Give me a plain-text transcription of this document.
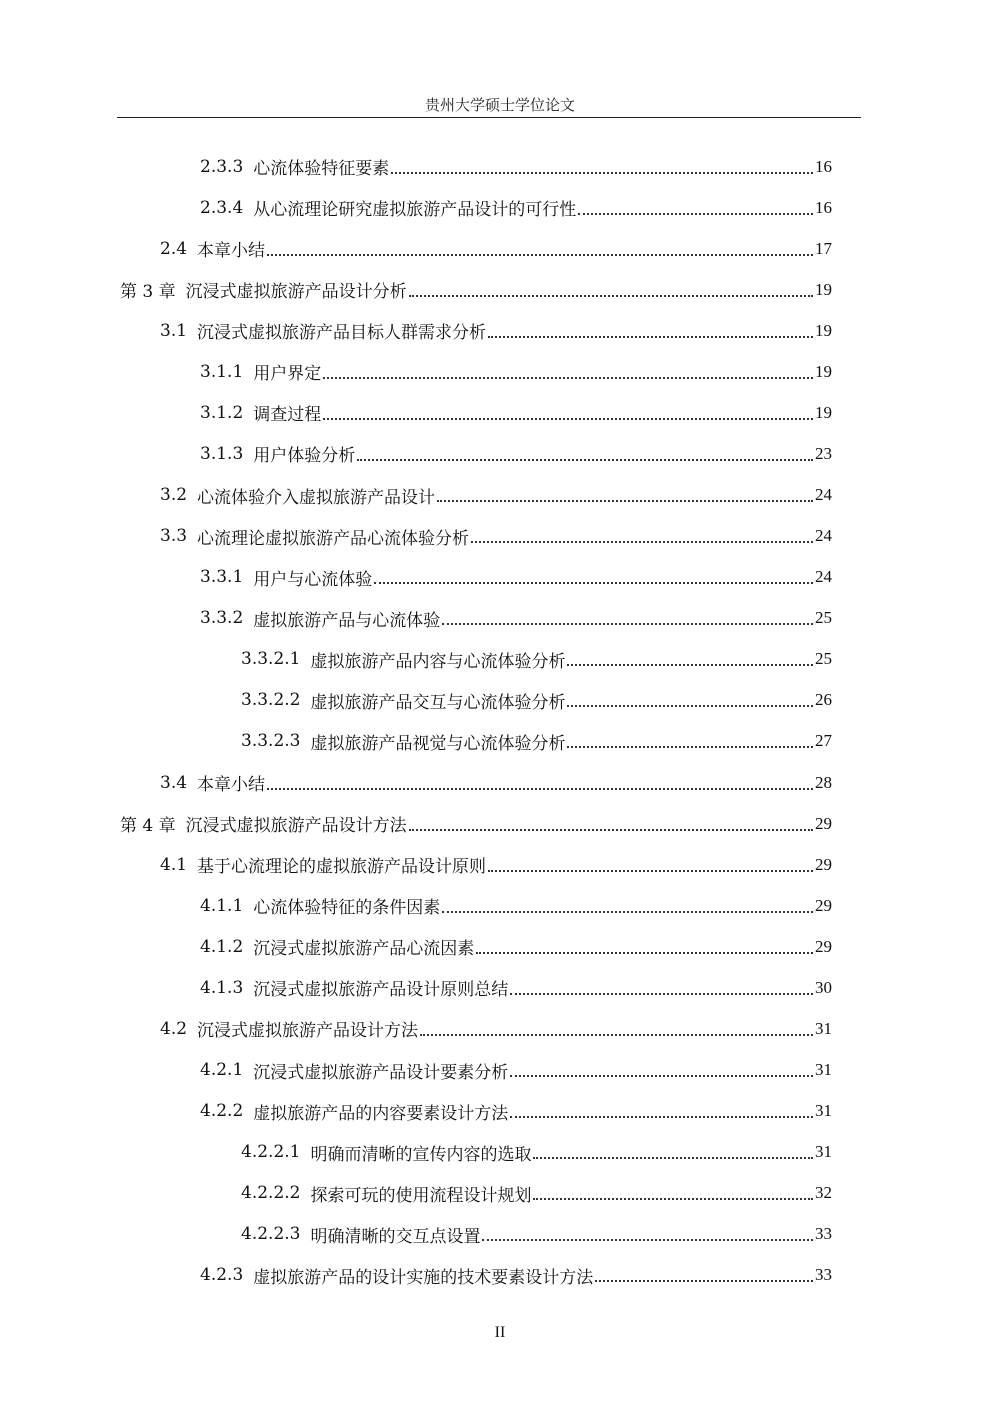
贵州大学硕士学位论文
2.3.3 心流体验特征要素	16
2.3.4 从心流理论研究虚拟旅游产品设计的可行性	16
2.4 本章小结	17
第 3 章 沉浸式虚拟旅游产品设计分析	19
3.1 沉浸式虚拟旅游产品目标人群需求分析	19
3.1.1 用户界定	19
3.1.2 调查过程	19
3.1.3 用户体验分析	23
3.2 心流体验介入虚拟旅游产品设计	24
3.3 心流理论虚拟旅游产品心流体验分析	24
3.3.1 用户与心流体验	24
3.3.2 虚拟旅游产品与心流体验	25
3.3.2.1 虚拟旅游产品内容与心流体验分析	25
3.3.2.2 虚拟旅游产品交互与心流体验分析	26
3.3.2.3 虚拟旅游产品视觉与心流体验分析	27
3.4 本章小结	28
第 4 章 沉浸式虚拟旅游产品设计方法	29
4.1 基于心流理论的虚拟旅游产品设计原则	29
4.1.1 心流体验特征的条件因素	29
4.1.2 沉浸式虚拟旅游产品心流因素	29
4.1.3 沉浸式虚拟旅游产品设计原则总结	30
4.2 沉浸式虚拟旅游产品设计方法	31
4.2.1 沉浸式虚拟旅游产品设计要素分析	31
4.2.2 虚拟旅游产品的内容要素设计方法	31
4.2.2.1 明确而清晰的宣传内容的选取	31
4.2.2.2 探索可玩的使用流程设计规划	32
4.2.2.3 明确清晰的交互点设置	33
4.2.3 虚拟旅游产品的设计实施的技术要素设计方法	33
II
